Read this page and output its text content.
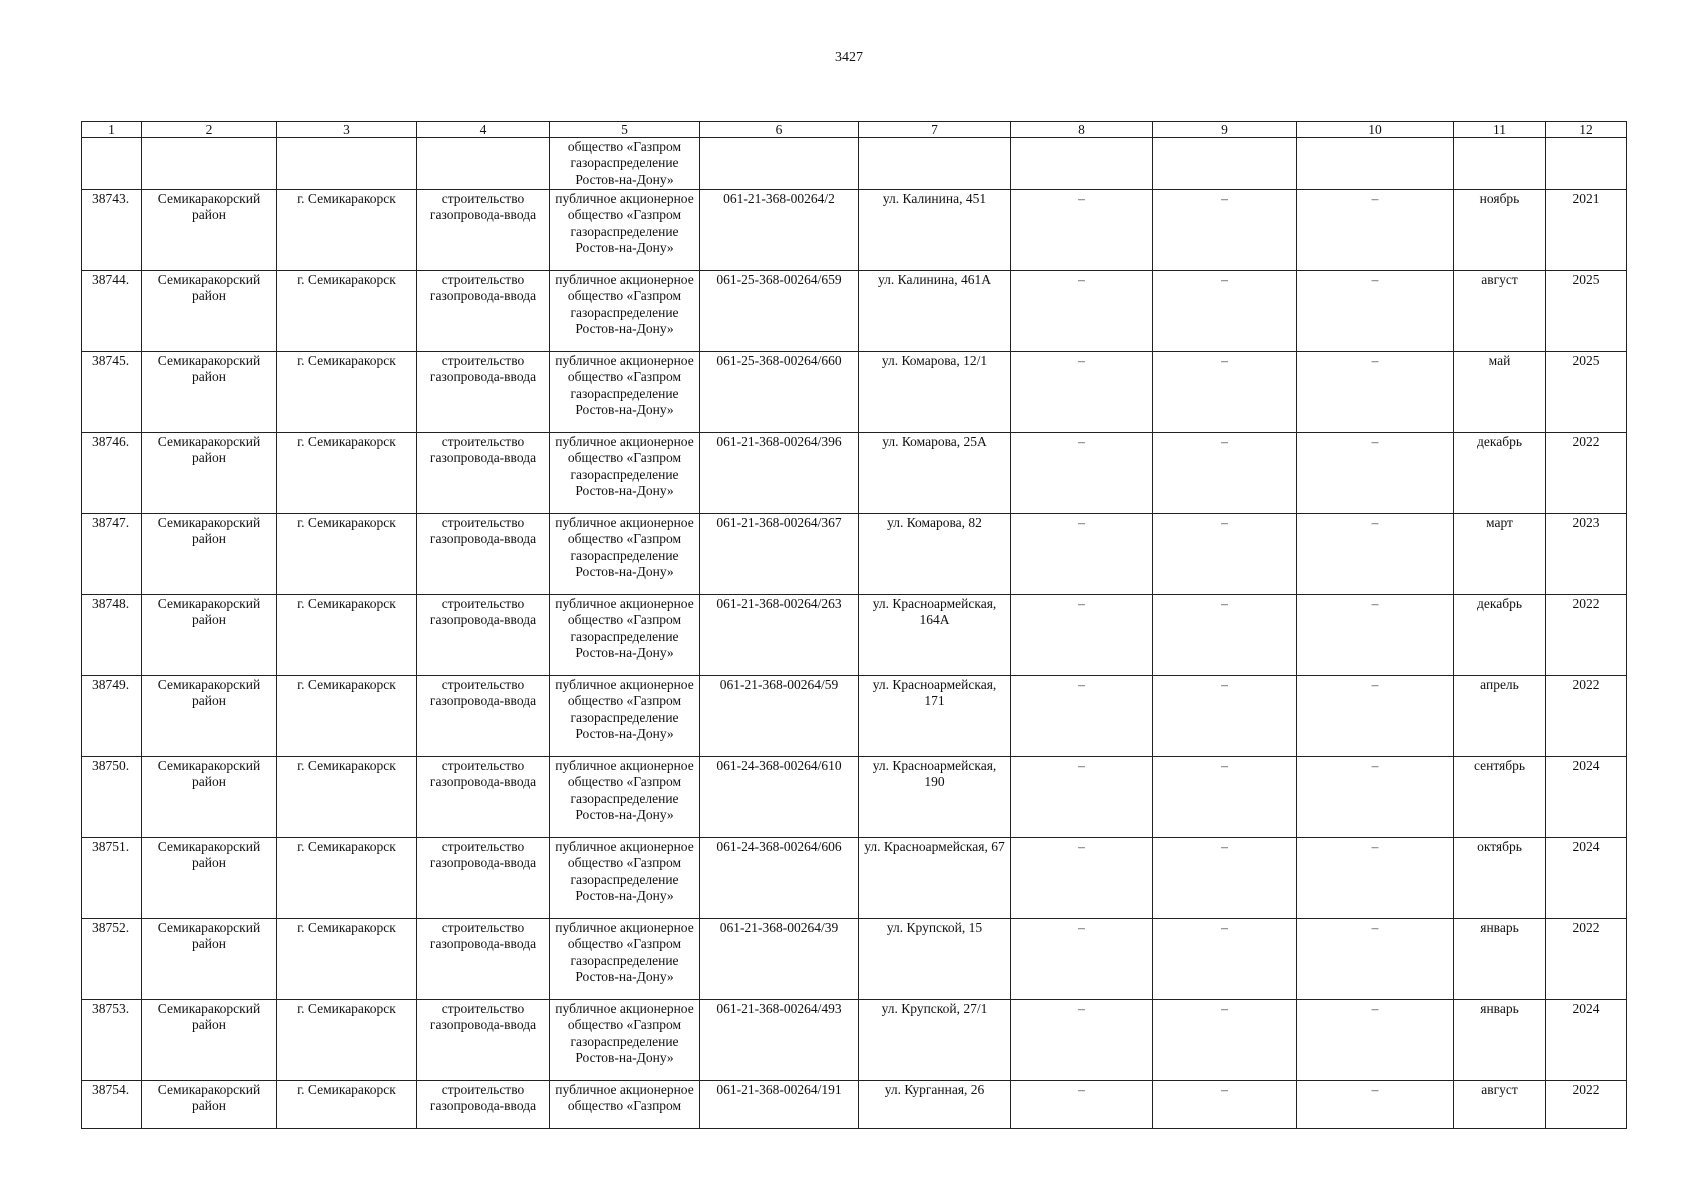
3427
1	2	3	4	5	6	7	8	9	10	11	12
				общество «Газпром газораспределение Ростов-на-Дону»							
38743.	Семикаракорский район	г. Семикаракорск	строительство газопровода-ввода	публичное акционерное общество «Газпром газораспределение Ростов-на-Дону»	061-21-368-00264/2	ул. Калинина, 451	–	–	–	ноябрь	2021
38744.	Семикаракорский район	г. Семикаракорск	строительство газопровода-ввода	публичное акционерное общество «Газпром газораспределение Ростов-на-Дону»	061-25-368-00264/659	ул. Калинина, 461А	–	–	–	август	2025
38745.	Семикаракорский район	г. Семикаракорск	строительство газопровода-ввода	публичное акционерное общество «Газпром газораспределение Ростов-на-Дону»	061-25-368-00264/660	ул. Комарова, 12/1	–	–	–	май	2025
38746.	Семикаракорский район	г. Семикаракорск	строительство газопровода-ввода	публичное акционерное общество «Газпром газораспределение Ростов-на-Дону»	061-21-368-00264/396	ул. Комарова, 25А	–	–	–	декабрь	2022
38747.	Семикаракорский район	г. Семикаракорск	строительство газопровода-ввода	публичное акционерное общество «Газпром газораспределение Ростов-на-Дону»	061-21-368-00264/367	ул. Комарова, 82	–	–	–	март	2023
38748.	Семикаракорский район	г. Семикаракорск	строительство газопровода-ввода	публичное акционерное общество «Газпром газораспределение Ростов-на-Дону»	061-21-368-00264/263	ул. Красноармейская, 164А	–	–	–	декабрь	2022
38749.	Семикаракорский район	г. Семикаракорск	строительство газопровода-ввода	публичное акционерное общество «Газпром газораспределение Ростов-на-Дону»	061-21-368-00264/59	ул. Красноармейская, 171	–	–	–	апрель	2022
38750.	Семикаракорский район	г. Семикаракорск	строительство газопровода-ввода	публичное акционерное общество «Газпром газораспределение Ростов-на-Дону»	061-24-368-00264/610	ул. Красноармейская, 190	–	–	–	сентябрь	2024
38751.	Семикаракорский район	г. Семикаракорск	строительство газопровода-ввода	публичное акционерное общество «Газпром газораспределение Ростов-на-Дону»	061-24-368-00264/606	ул. Красноармейская, 67	–	–	–	октябрь	2024
38752.	Семикаракорский район	г. Семикаракорск	строительство газопровода-ввода	публичное акционерное общество «Газпром газораспределение Ростов-на-Дону»	061-21-368-00264/39	ул. Крупской, 15	–	–	–	январь	2022
38753.	Семикаракорский район	г. Семикаракорск	строительство газопровода-ввода	публичное акционерное общество «Газпром газораспределение Ростов-на-Дону»	061-21-368-00264/493	ул. Крупской, 27/1	–	–	–	январь	2024
38754.	Семикаракорский район	г. Семикаракорск	строительство газопровода-ввода	публичное акционерное общество «Газпром	061-21-368-00264/191	ул. Курганная, 26	–	–	–	август	2022
